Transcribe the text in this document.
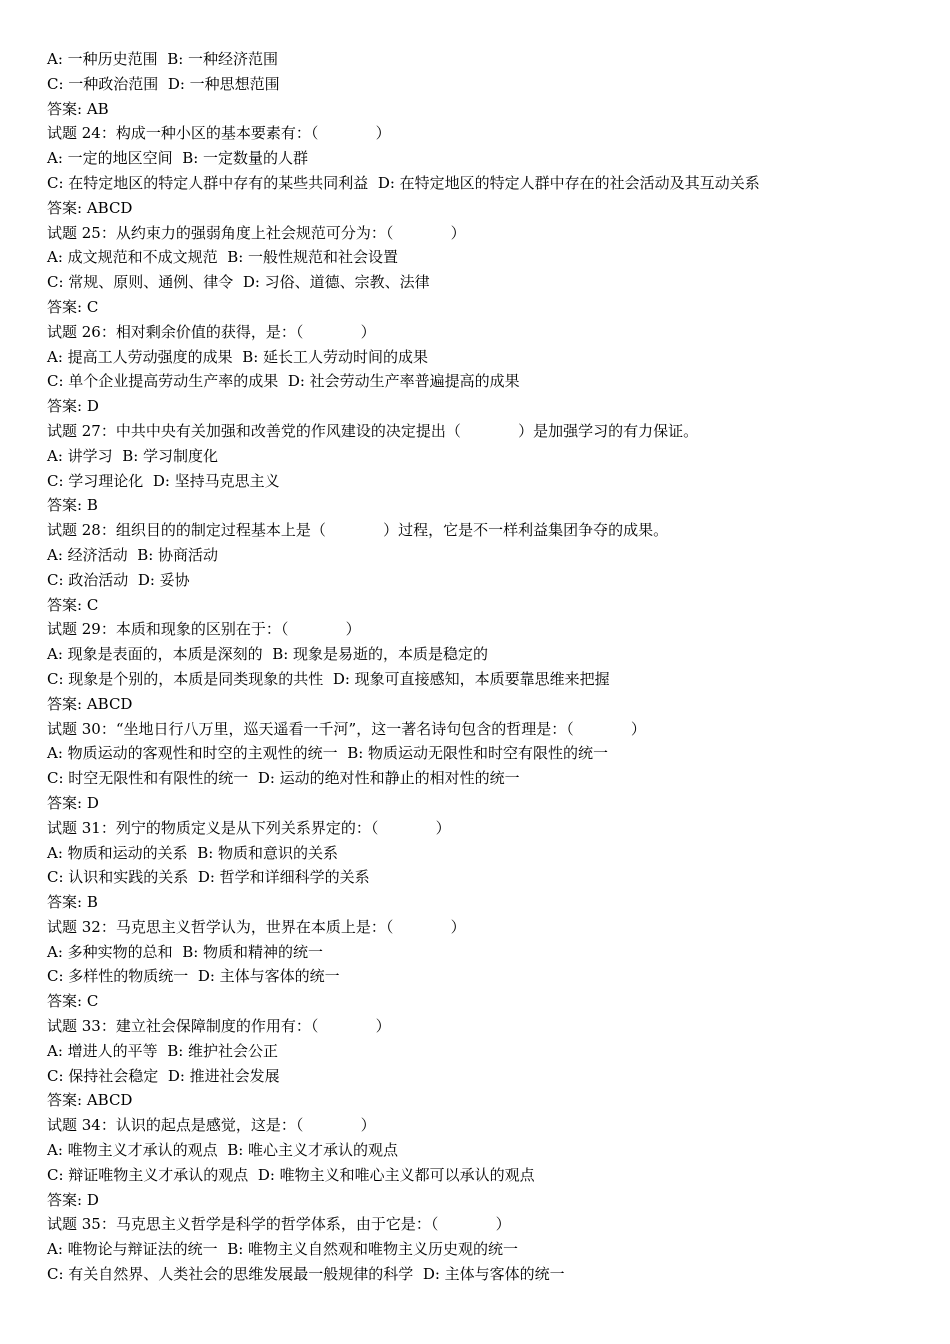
A: 一种历史范围  B: 一种经济范围
C: 一种政治范围  D: 一种思想范围
答案: AB
试题 24：构成一种小区的基本要素有：（            ）
A: 一定的地区空间  B: 一定数量的人群
C: 在特定地区的特定人群中存有的某些共同利益  D: 在特定地区的特定人群中存在的社会活动及其互动关系
答案: ABCD
试题 25：从约束力的强弱角度上社会规范可分为：（            ）
A: 成文规范和不成文规范  B: 一般性规范和社会设置
C: 常规、原则、通例、律令  D: 习俗、道德、宗教、法律
答案: C
试题 26：相对剩余价值的获得，是：（            ）
A: 提高工人劳动强度的成果  B: 延长工人劳动时间的成果
C: 单个企业提高劳动生产率的成果  D: 社会劳动生产率普遍提高的成果
答案: D
试题 27：中共中央有关加强和改善党的作风建设的决定提出（            ）是加强学习的有力保证。
A: 讲学习  B: 学习制度化
C: 学习理论化  D: 坚持马克思主义
答案: B
试题 28：组织目的的制定过程基本上是（            ）过程，它是不一样利益集团争夺的成果。
A: 经济活动  B: 协商活动
C: 政治活动  D: 妥协
答案: C
试题 29：本质和现象的区别在于：（            ）
A: 现象是表面的，本质是深刻的  B: 现象是易逝的，本质是稳定的
C: 现象是个别的，本质是同类现象的共性  D: 现象可直接感知，本质要靠思维来把握
答案: ABCD
试题 30：“坐地日行八万里，巡天遥看一千河”，这一著名诗句包含的哲理是：（            ）
A: 物质运动的客观性和时空的主观性的统一  B: 物质运动无限性和时空有限性的统一
C: 时空无限性和有限性的统一  D: 运动的绝对性和静止的相对性的统一
答案: D
试题 31：列宁的物质定义是从下列关系界定的：（            ）
A: 物质和运动的关系  B: 物质和意识的关系
C: 认识和实践的关系  D: 哲学和详细科学的关系
答案: B
试题 32：马克思主义哲学认为，世界在本质上是：（            ）
A: 多种实物的总和  B: 物质和精神的统一
C: 多样性的物质统一  D: 主体与客体的统一
答案: C
试题 33：建立社会保障制度的作用有：（            ）
A: 增进人的平等  B: 维护社会公正
C: 保持社会稳定  D: 推进社会发展
答案: ABCD
试题 34：认识的起点是感觉，这是：（            ）
A: 唯物主义才承认的观点  B: 唯心主义才承认的观点
C: 辩证唯物主义才承认的观点  D: 唯物主义和唯心主义都可以承认的观点
答案: D
试题 35：马克思主义哲学是科学的哲学体系，由于它是：（            ）
A: 唯物论与辩证法的统一  B: 唯物主义自然观和唯物主义历史观的统一
C: 有关自然界、人类社会的思维发展最一般规律的科学  D: 主体与客体的统一
